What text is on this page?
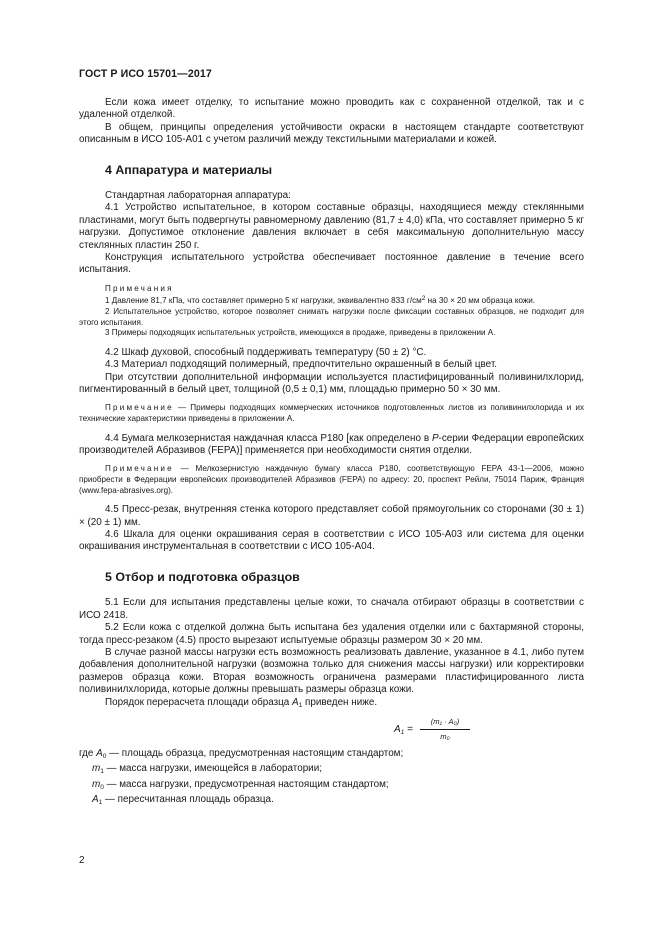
ГОСТ Р ИСО 15701—2017

Если кожа имеет отделку, то испытание можно проводить как с сохраненной отделкой, так и с удаленной отделкой.

В общем, принципы определения устойчивости окраски в настоящем стандарте соответствуют описанным в ИСО 105-А01 с учетом различий между текстильными материалами и кожей.

4 Аппаратура и материалы

Стандартная лабораторная аппаратура:

4.1 Устройство испытательное, в котором составные образцы, находящиеся между стеклянными пластинами, могут быть подвергнуты равномерному давлению (81,7 ± 4,0) кПа, что составляет примерно 5 кг нагрузки. Допустимое отклонение давления включает в себя максимальную дополнительную массу стеклянных пластин 250 г.

Конструкция испытательного устройства обеспечивает постоянное давление в течение всего испытания.

Примечания

1 Давление 81,7 кПа, что составляет примерно 5 кг нагрузки, эквивалентно 833 $г/см^2$ на 30 × 20 мм образца кожи.

2 Испытательное устройство, которое позволяет снимать нагрузки после фиксации составных образцов, не подходит для этого испытания.

3 Примеры подходящих испытательных устройств, имеющихся в продаже, приведены в приложении А.

4.2 Шкаф духовой, способный поддерживать температуру (50 ± 2) °C.

4.3 Материал подходящий полимерный, предпочтительно окрашенный в белый цвет.

При отсутствии дополнительной информации используется пластифицированный поливинилхлорид, пигментированный в белый цвет, толщиной (0,5 ± 0,1) мм, площадью примерно 50 × 30 мм.

Примечание — Примеры подходящих коммерческих источников подготовленных листов из поливинилхлорида и их технические характеристики приведены в приложении А.

4.4 Бумага мелкозернистая наждачная класса Р180 [как определено в Р-серии Федерации европейских производителей Абразивов (FEPA)] применяется при необходимости снятия отделки.

Примечание — Мелкозернистую наждачную бумагу класса Р180, соответствующую FEPA 43-1—2006, можно приобрести в Федерации европейских производителей Абразивов (FEPA) по адресу: 20, проспект Рейли, 75014 Париж, Франция (www.fepa-abrasives.org).

4.5 Пресс-резак, внутренняя стенка которого представляет собой прямоугольник со сторонами (30 ± 1) × (20 ± 1) мм.

4.6 Шкала для оценки окрашивания серая в соответствии с ИСО 105-А03 или система для оценки окрашивания инструментальная в соответствии с ИСО 105-А04.

5 Отбор и подготовка образцов

5.1 Если для испытания представлены целые кожи, то сначала отбирают образцы в соответствии с ИСО 2418.

5.2 Если кожа с отделкой должна быть испытана без удаления отделки или с бахтармяной стороны, тогда пресс-резаком (4.5) просто вырезают испытуемые образцы размером 30 × 20 мм.

В случае разной массы нагрузки есть возможность реализовать давление, указанное в 4.1, либо путем добавления дополнительной нагрузки (возможна только для снижения массы нагрузки) или корректировки размеров образца кожи. Вторая возможность ограничена размерами пластифицированного листа поливинилхлорида, которые должны превышать размеры образца кожи.

Порядок перерасчета площади образца $A_1$ приведен ниже.

$A_1 = \frac{\text{(m₁ · A₀)}}{\text{m₀}}$

где $A_0$ — площадь образца, предусмотренная настоящим стандартом;

$m_1$ — масса нагрузки, имеющейся в лаборатории;

$m_0$ — масса нагрузки, предусмотренная настоящим стандартом;

$A_1$ — пересчитанная площадь образца.

2
